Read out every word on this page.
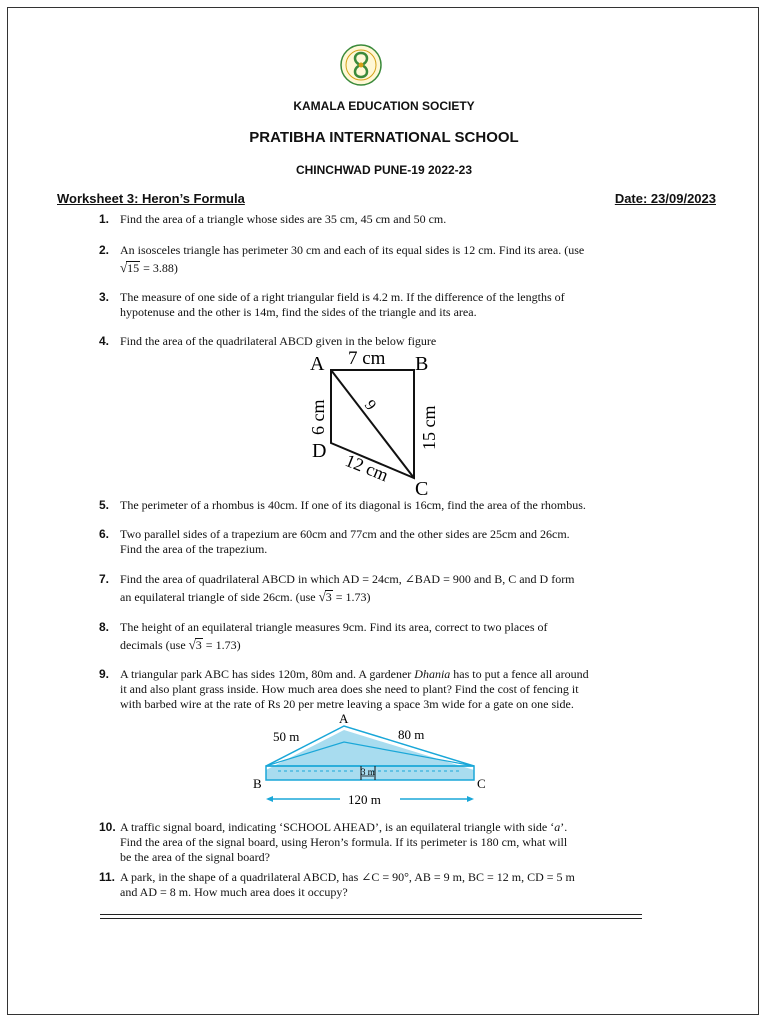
KAMALA EDUCATION SOCIETY
PRATIBHA INTERNATIONAL SCHOOL
CHINCHWAD PUNE-19 2022-23
Worksheet 3: Heron’s Formula	Date: 23/09/2023
1. Find the area of a triangle whose sides are 35 cm, 45 cm and 50 cm.
2. An isosceles triangle has perimeter 30 cm and each of its equal sides is 12 cm. Find its area. (use
√15 = 3.88)
3. The measure of one side of a right triangular field is 4.2 m. If the difference of the lengths of
hypotenuse and the other is 14m, find the sides of the triangle and its area.
4. Find the area of the quadrilateral ABCD given in the below figure
A	B
C
D
7 cm
6 cm	15 cm
12 cm
9
5. The perimeter of a rhombus is 40cm. If one of its diagonal is 16cm, find the area of the rhombus.
6. Two parallel sides of a trapezium are 60cm and 77cm and the other sides are 25cm and 26cm.
Find the area of the trapezium.
7. Find the area of quadrilateral ABCD in which AD = 24cm, ∠BAD = 900 and B, C and D form
an equilateral triangle of side 26cm. (use √3 = 1.73)
8. The height of an equilateral triangle measures 9cm. Find its area, correct to two places of
decimals (use √3 = 1.73)
9. A triangular park ABC has sides 120m, 80m and. A gardener Dhania has to put a fence all around
it and also plant grass inside. How much area does she need to plant? Find the cost of fencing it
with barbed wire at the rate of Rs 20 per metre leaving a space 3m wide for a gate on one side.
3 m
120 m
A
B	C
50 m	80 m
10. A traffic signal board, indicating ‘SCHOOL AHEAD’, is an equilateral triangle with side ‘a’.
Find the area of the signal board, using Heron’s formula. If its perimeter is 180 cm, what will
be the area of the signal board?
11. A park, in the shape of a quadrilateral ABCD, has ∠C = 90°, AB = 9 m, BC = 12 m, CD = 5 m
and AD = 8 m. How much area does it occupy?
